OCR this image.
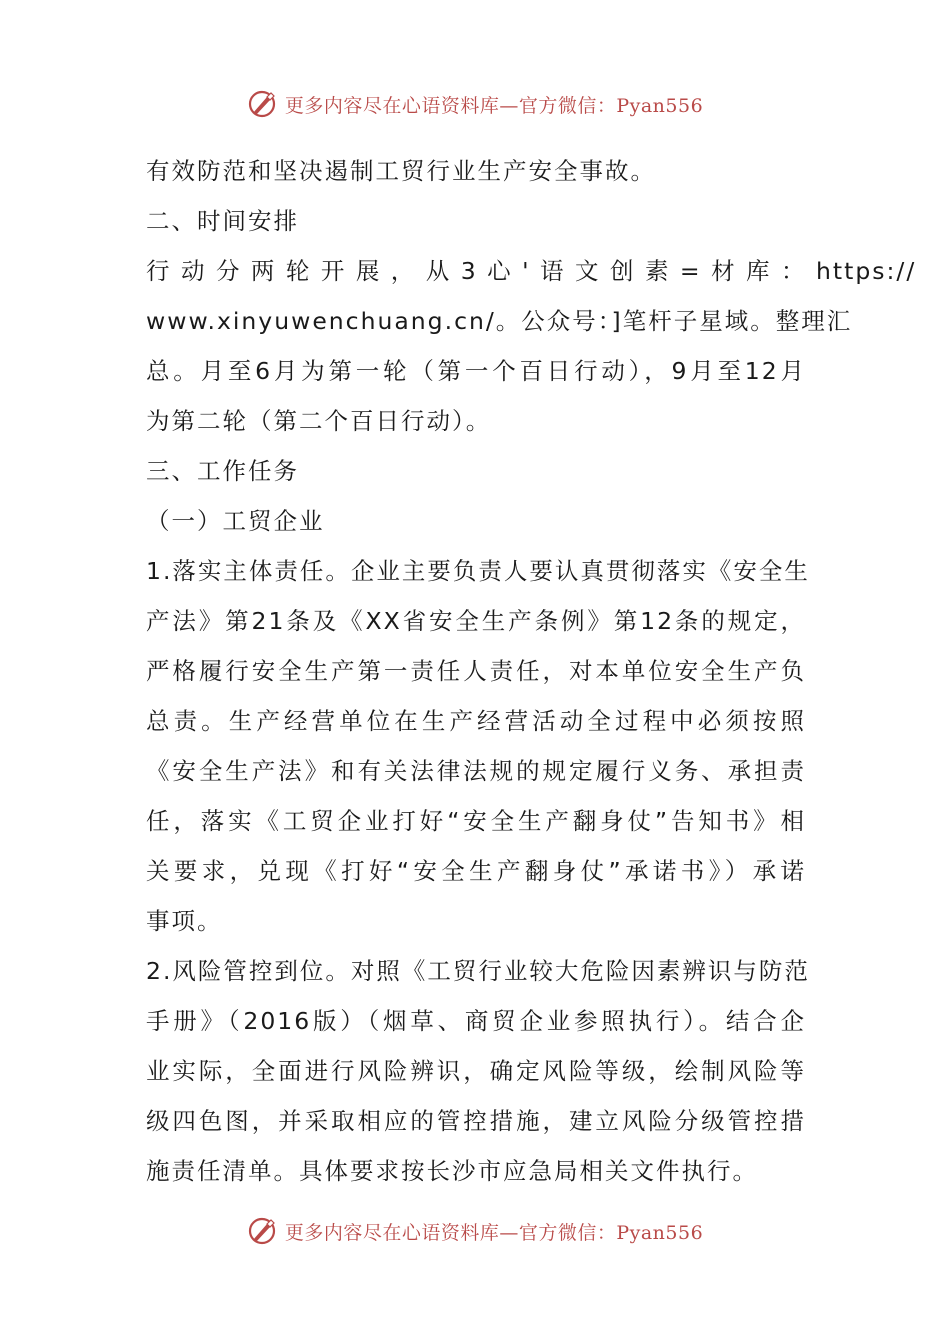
更多内容尽在心语资料库—官方微信：Pyan556
有效防范和坚决遏制工贸行业生产安全事故。
二、时间安排
行 动 分 两 轮 开 展 ， 从 3 心 ' 语 文 创 素 = 材 库 ： https://
www.xinyuwenchuang.cn/。公众号：]笔杆子星域。整理汇
总。月至6月为第一轮（第一个百日行动），9月至12月
为第二轮（第二个百日行动）。
三、工作任务
（一）工贸企业
1.落实主体责任。企业主要负责人要认真贯彻落实《安全生
产法》第21条及《XX省安全生产条例》第12条的规定，
严格履行安全生产第一责任人责任，对本单位安全生产负
总责。生产经营单位在生产经营活动全过程中必须按照
《安全生产法》和有关法律法规的规定履行义务、承担责
任，落实《工贸企业打好“安全生产翻身仗”告知书》相
关要求，兑现《打好“安全生产翻身仗”承诺书》）承诺
事项。
2.风险管控到位。对照《工贸行业较大危险因素辨识与防范
手册》（2016版）（烟草、商贸企业参照执行）。结合企
业实际，全面进行风险辨识，确定风险等级，绘制风险等
级四色图，并采取相应的管控措施，建立风险分级管控措
施责任清单。具体要求按长沙市应急局相关文件执行。
更多内容尽在心语资料库—官方微信：Pyan556
